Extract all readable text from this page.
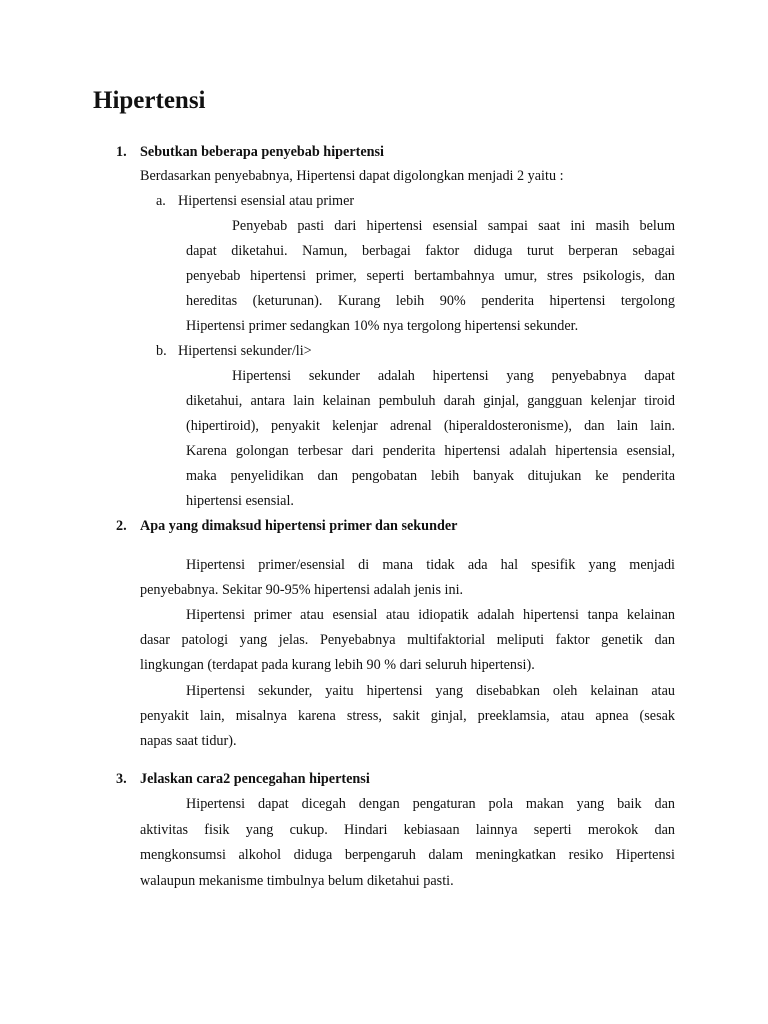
Hipertensi
1. Sebutkan beberapa penyebab hipertensi
Berdasarkan penyebabnya, Hipertensi dapat digolongkan menjadi 2 yaitu :
a. Hipertensi esensial atau primer
Penyebab pasti dari hipertensi esensial sampai saat ini masih belum
dapat diketahui. Namun, berbagai faktor diduga turut berperan sebagai
penyebab hipertensi primer, seperti bertambahnya umur, stres psikologis, dan
hereditas (keturunan). Kurang lebih 90% penderita hipertensi tergolong
Hipertensi primer sedangkan 10% nya tergolong hipertensi sekunder.
b. Hipertensi sekunder/li>
Hipertensi sekunder adalah hipertensi yang penyebabnya dapat
diketahui, antara lain kelainan pembuluh darah ginjal, gangguan kelenjar tiroid
(hipertiroid), penyakit kelenjar adrenal (hiperaldosteronisme), dan lain lain.
Karena golongan terbesar dari penderita hipertensi adalah hipertensia esensial,
maka penyelidikan dan pengobatan lebih banyak ditujukan ke penderita
hipertensi esensial.
2. Apa yang dimaksud hipertensi primer dan sekunder
Hipertensi primer/esensial di mana tidak ada hal spesifik yang menjadi
penyebabnya. Sekitar 90-95% hipertensi adalah jenis ini.
Hipertensi primer atau esensial atau idiopatik adalah hipertensi tanpa kelainan
dasar patologi yang jelas. Penyebabnya multifaktorial meliputi faktor genetik dan
lingkungan (terdapat pada kurang lebih 90 % dari seluruh hipertensi).
Hipertensi sekunder, yaitu hipertensi yang disebabkan oleh kelainan atau
penyakit lain, misalnya karena stress, sakit ginjal, preeklamsia, atau apnea (sesak
napas saat tidur).
3. Jelaskan cara2 pencegahan hipertensi
Hipertensi dapat dicegah dengan pengaturan pola makan yang baik dan
aktivitas fisik yang cukup. Hindari kebiasaan lainnya seperti merokok dan
mengkonsumsi alkohol diduga berpengaruh dalam meningkatkan resiko Hipertensi
walaupun mekanisme timbulnya belum diketahui pasti.
